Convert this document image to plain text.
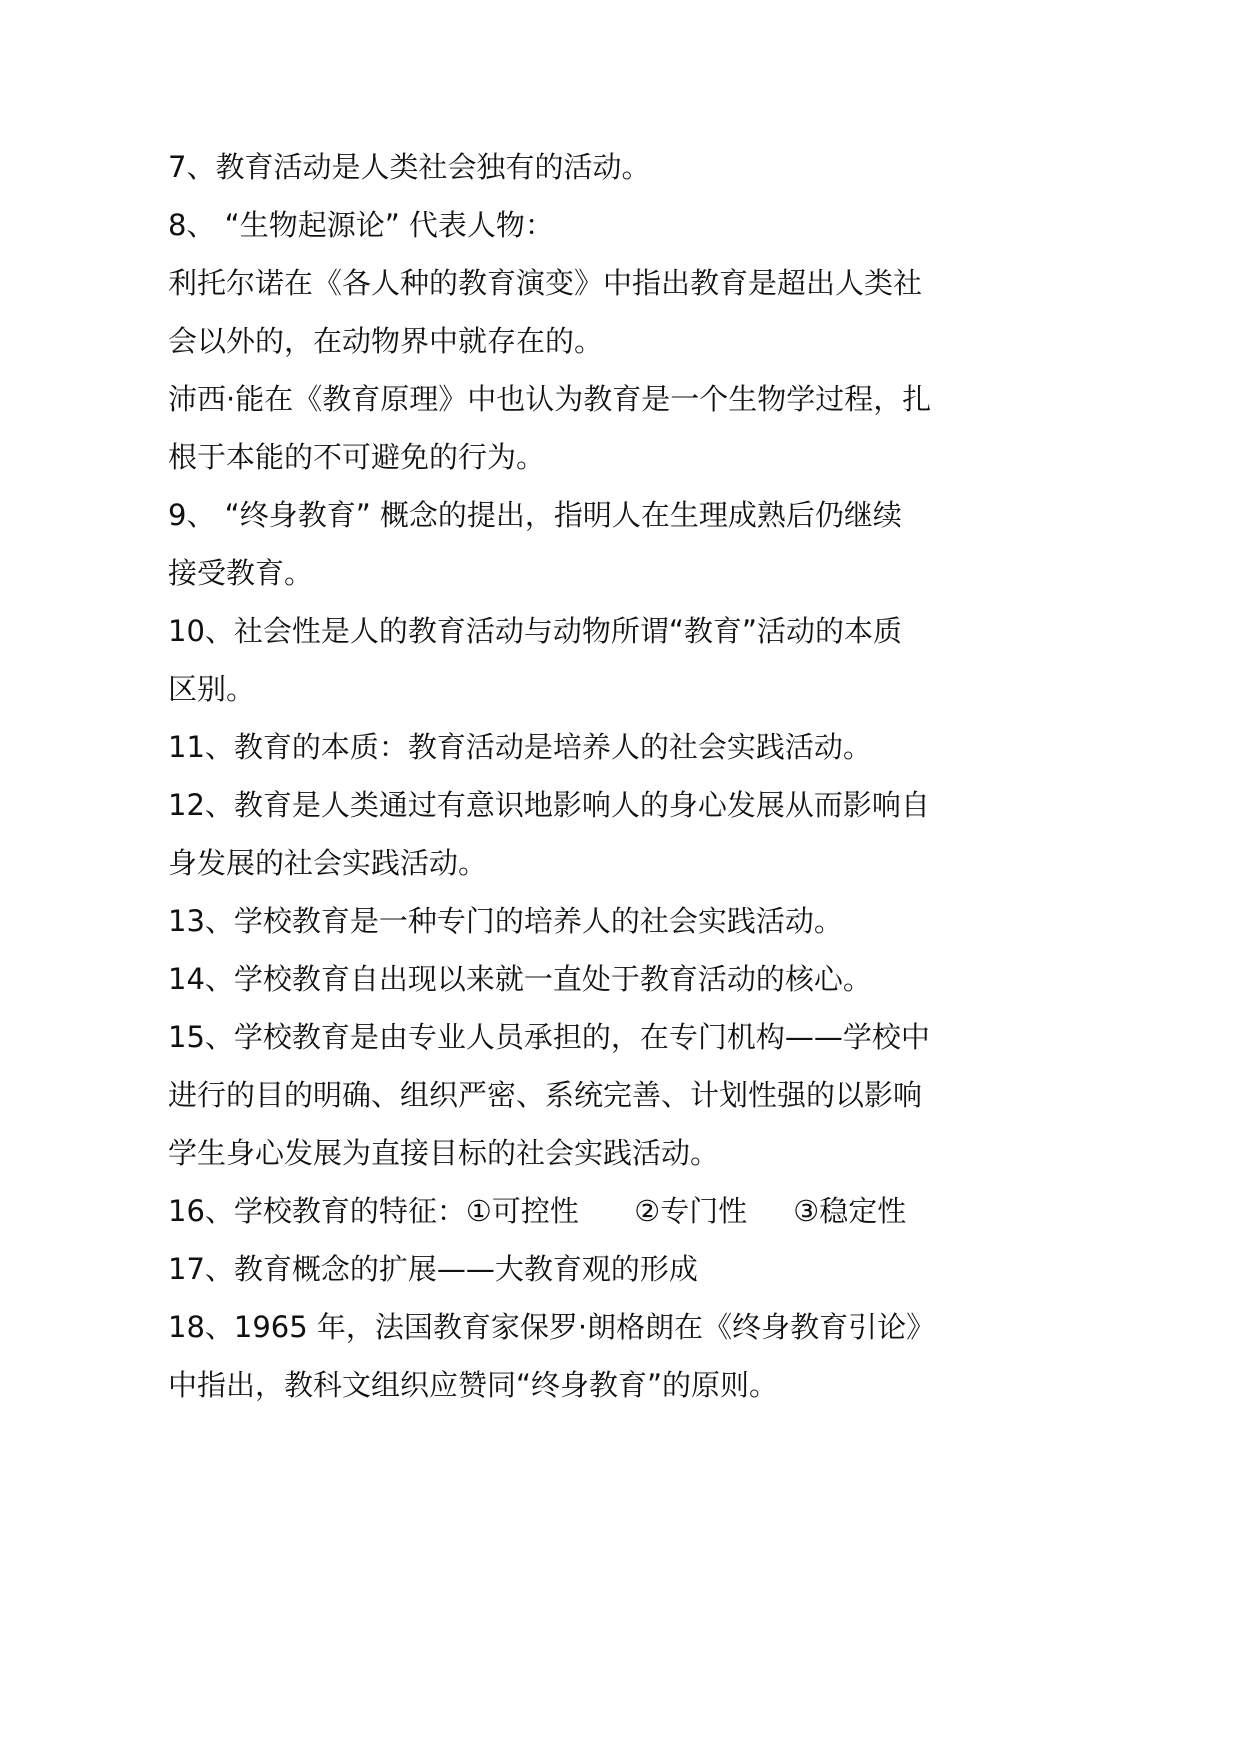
7、教育活动是人类社会独有的活动。
8、 “生物起源论” 代表人物：
利托尔诺在《各人种的教育演变》中指出教育是超出人类社
会以外的，在动物界中就存在的。
沛西·能在《教育原理》中也认为教育是一个生物学过程，扎
根于本能的不可避免的行为。
9、 “终身教育” 概念的提出，指明人在生理成熟后仍继续
接受教育。
10、社会性是人的教育活动与动物所谓“教育”活动的本质
区别。
11、教育的本质：教育活动是培养人的社会实践活动。
12、教育是人类通过有意识地影响人的身心发展从而影响自
身发展的社会实践活动。
13、学校教育是一种专门的培养人的社会实践活动。
14、学校教育自出现以来就一直处于教育活动的核心。
15、学校教育是由专业人员承担的，在专门机构——学校中
进行的目的明确、组织严密、系统完善、计划性强的以影响
学生身心发展为直接目标的社会实践活动。
16、学校教育的特征：①可控性      ②专门性     ③稳定性
17、教育概念的扩展——大教育观的形成
18、1965 年，法国教育家保罗·朗格朗在《终身教育引论》
中指出，教科文组织应赞同“终身教育”的原则。
